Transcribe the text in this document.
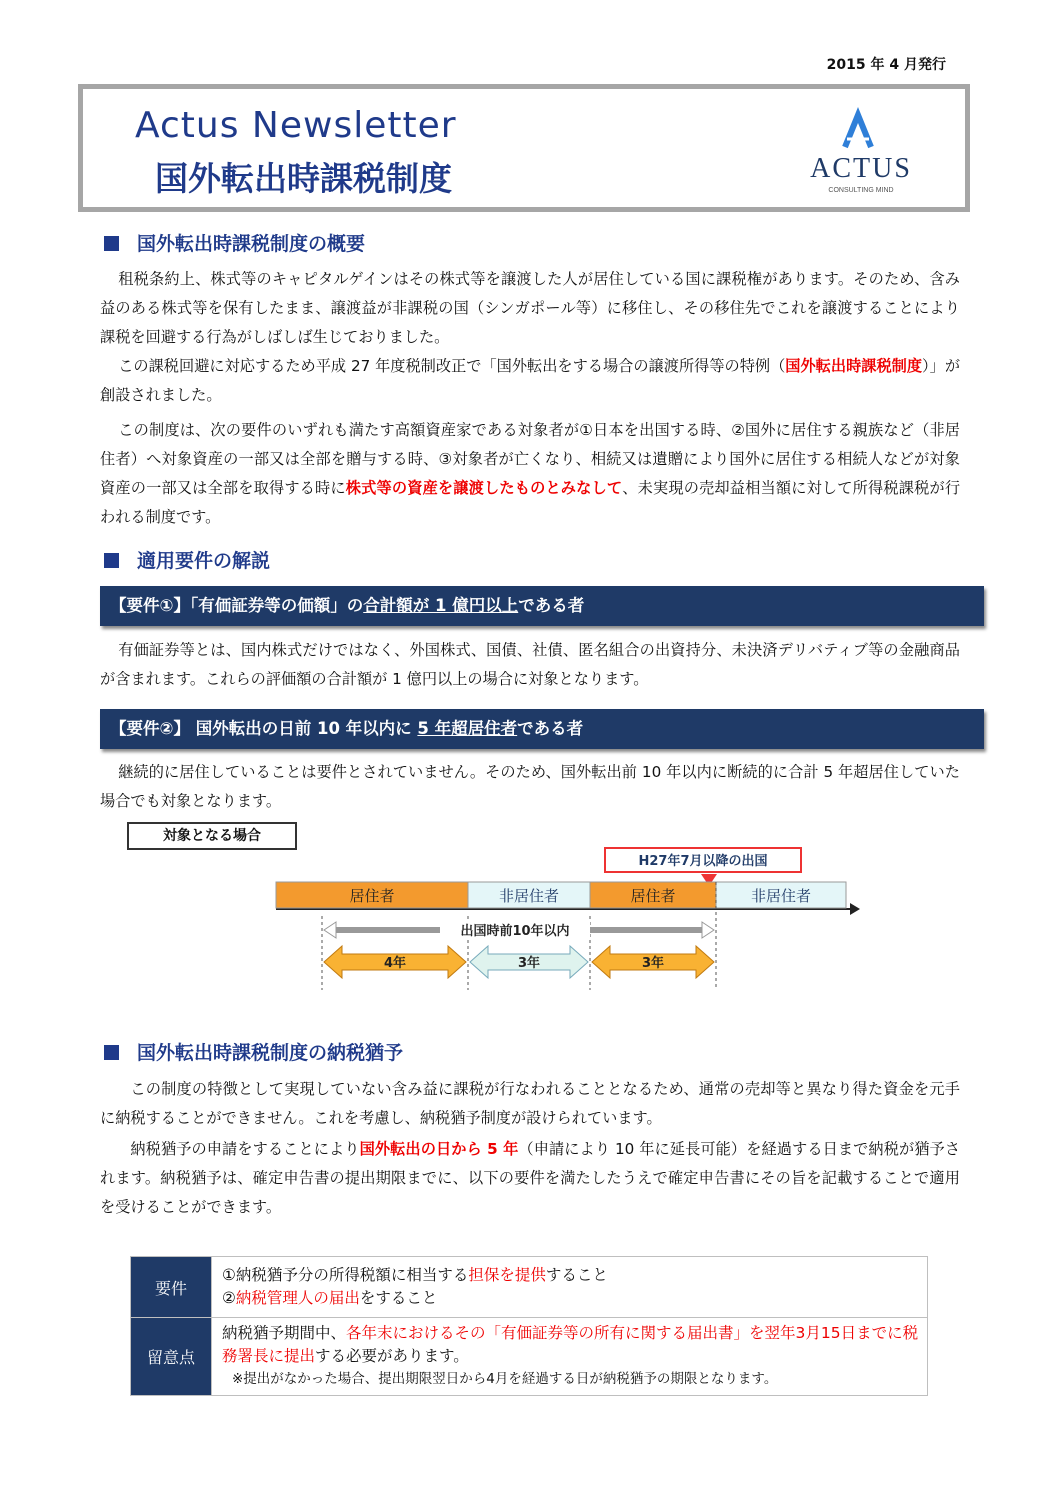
2015 年 4 月発行
Actus Newsletter
国外転出時課税制度	ACTUS
CONSULTING MIND
国外転出時課税制度の概要

租税条約上、株式等のキャピタルゲインはその株式等を譲渡した人が居住している国に課税権があります。そのため、含み益のある株式等を保有したまま、譲渡益が非課税の国（シンガポール等）に移住し、その移住先でこれを譲渡することにより課税を回避する行為がしばしば生じておりました。

この課税回避に対応するため平成 27 年度税制改正で「国外転出をする場合の譲渡所得等の特例（国外転出時課税制度）」が創設されました。

この制度は、次の要件のいずれも満たす高額資産家である対象者が①日本を出国する時、②国外に居住する親族など（非居住者）へ対象資産の一部又は全部を贈与する時、③対象者が亡くなり、相続又は遺贈により国外に居住する相続人などが対象資産の一部又は全部を取得する時に株式等の資産を譲渡したものとみなして、未実現の売却益相当額に対して所得税課税が行われる制度です。

適用要件の解説
【要件①】「有価証券等の価額」の合計額が 1 億円以上である者

有価証券等とは、国内株式だけではなく、外国株式、国債、社債、匿名組合の出資持分、未決済デリバティブ等の金融商品が含まれます。これらの評価額の合計額が 1 億円以上の場合に対象となります。

【要件②】 国外転出の日前 10 年以内に 5 年超居住者である者

継続的に居住していることは要件とされていません。そのため、国外転出前 10 年以内に断続的に合計 5 年超居住していた場合でも対象となります。

対象となる場合
H27年7月以降の出国
居住者	非居住者	居住者	非居住者
出国時前10年以内
4年	3年	3年
国外転出時課税制度の納税猶予

この制度の特徴として実現していない含み益に課税が行なわれることとなるため、通常の売却等と異なり得た資金を元手に納税することができません。これを考慮し、納税猶予制度が設けられています。

納税猶予の申請をすることにより国外転出の日から 5 年（申請により 10 年に延長可能）を経過する日まで納税が猶予されます。納税猶予は、確定申告書の提出期限までに、以下の要件を満たしたうえで確定申告書にその旨を記載することで適用を受けることができます。

要件	①納税猶予分の所得税額に相当する担保を提供すること
②納税管理人の届出をすること

留意点	納税猶予期間中、各年末におけるその「有価証券等の所有に関する届出書」を翌年3月15日までに税務署長に提出する必要があります。
※提出がなかった場合、提出期限翌日から4月を経過する日が納税猶予の期限となります。
